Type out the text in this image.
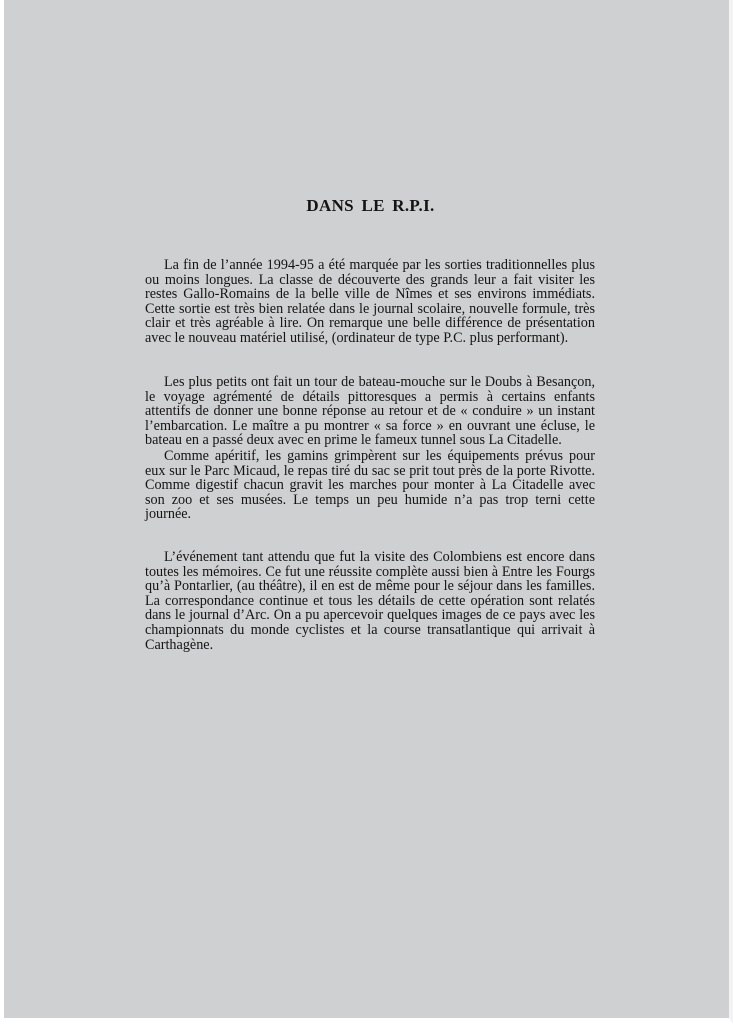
DANS LE R.P.I.

La fin de l’année 1994-95 a été marquée par les sorties traditionnelles plus ou moins longues. La classe de découverte des grands leur a fait visiter les restes Gallo-Romains de la belle ville de Nîmes et ses environs immédiats. Cette sortie est très bien relatée dans le journal scolaire, nouvelle formule, très clair et très agréable à lire. On remarque une belle différence de présentation avec le nouveau matériel utilisé, (ordinateur de type P.C. plus performant).

Les plus petits ont fait un tour de bateau-mouche sur le Doubs à Besançon, le voyage agrémenté de détails pittoresques a permis à certains enfants attentifs de donner une bonne réponse au retour et de « conduire » un instant l’embarcation. Le maître a pu montrer « sa force » en ouvrant une écluse, le bateau en a passé deux avec en prime le fameux tunnel sous La Citadelle.

Comme apéritif, les gamins grimpèrent sur les équipements prévus pour eux sur le Parc Micaud, le repas tiré du sac se prit tout près de la porte Rivotte. Comme digestif chacun gravit les marches pour monter à La Citadelle avec son zoo et ses musées. Le temps un peu humide n’a pas trop terni cette journée.

L’événement tant attendu que fut la visite des Colombiens est encore dans toutes les mémoires. Ce fut une réussite complète aussi bien à Entre les Fourgs qu’à Pontarlier, (au théâtre), il en est de même pour le séjour dans les familles. La correspondance continue et tous les détails de cette opération sont relatés dans le journal d’Arc. On a pu apercevoir quelques images de ce pays avec les championnats du monde cyclistes et la course transatlantique qui arrivait à Carthagène.
